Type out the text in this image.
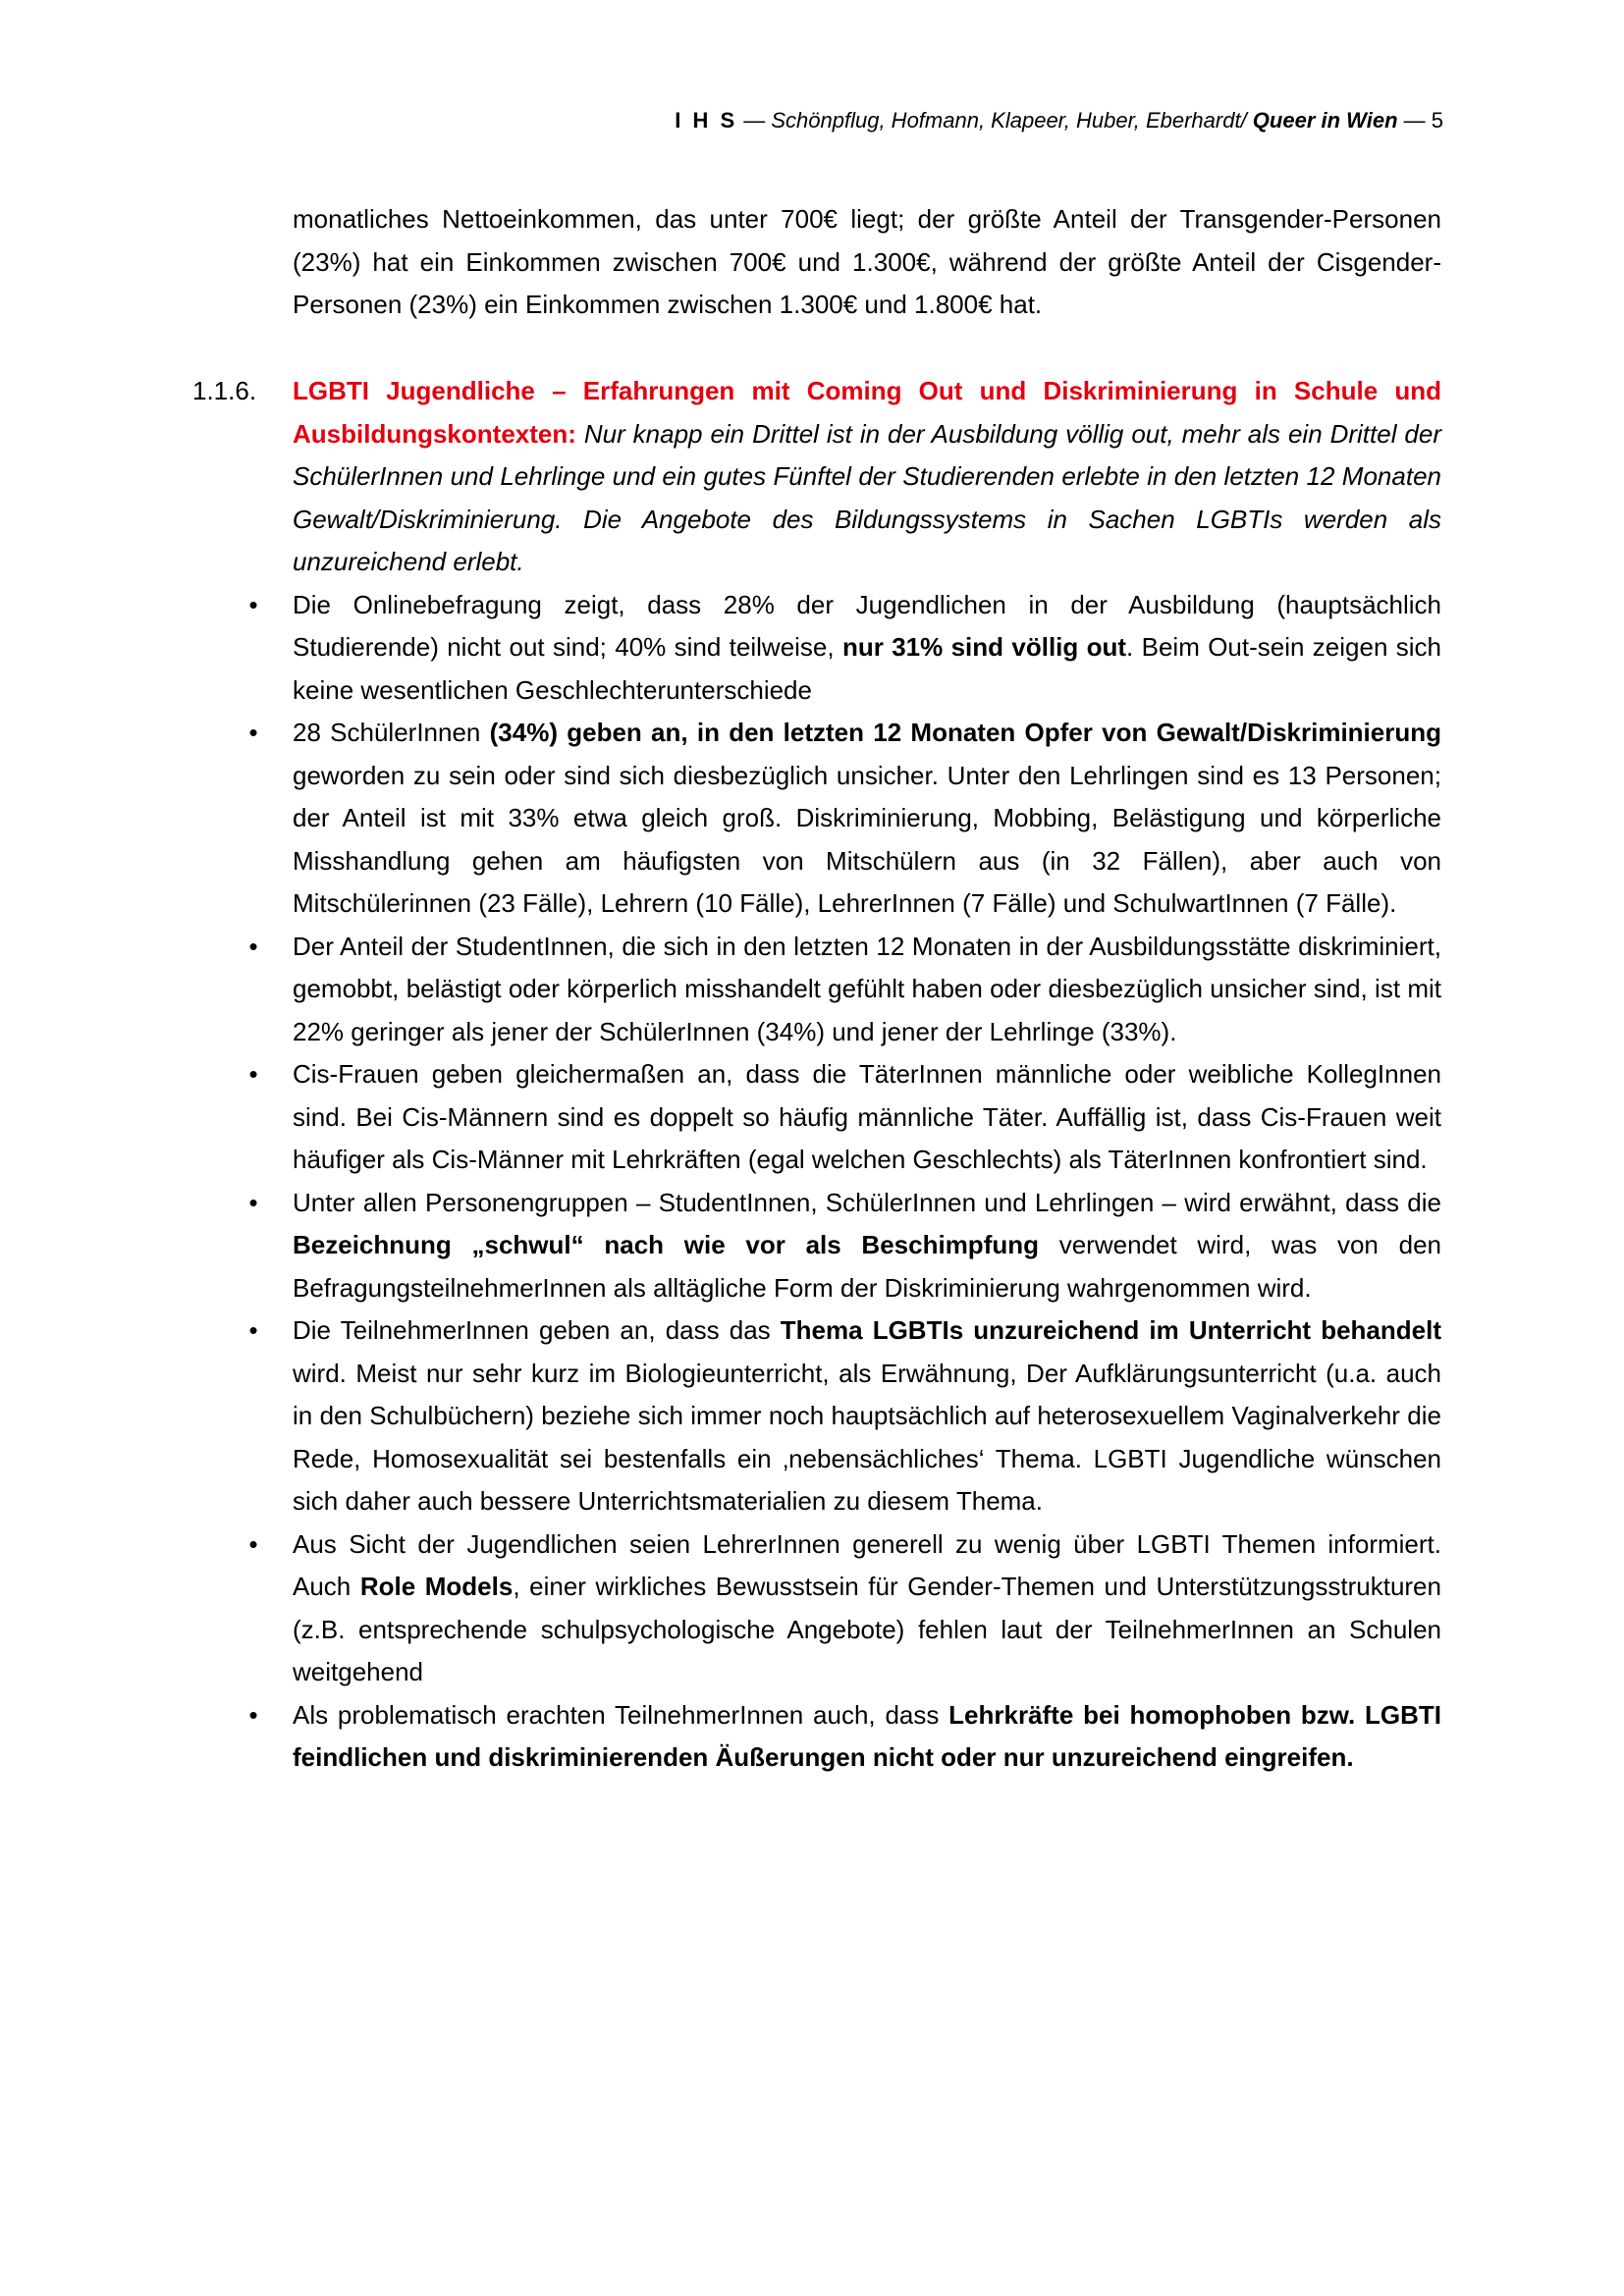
I H S — Schönpflug, Hofmann, Klapeer, Huber, Eberhardt/ Queer in Wien — 5
monatliches Nettoeinkommen, das unter 700€ liegt; der größte Anteil der Transgender-Personen (23%) hat ein Einkommen zwischen 700€ und 1.300€, während der größte Anteil der Cisgender-Personen (23%) ein Einkommen zwischen 1.300€ und 1.800€ hat.
1.1.6.	LGBTI Jugendliche – Erfahrungen mit Coming Out und Diskriminierung in Schule und Ausbildungskontexten: Nur knapp ein Drittel ist in der Ausbildung völlig out, mehr als ein Drittel der SchülerInnen und Lehrlinge und ein gutes Fünftel der Studierenden erlebte in den letzten 12 Monaten Gewalt/Diskriminierung. Die Angebote des Bildungssystems in Sachen LGBTIs werden als unzureichend erlebt.
• Die Onlinebefragung zeigt, dass 28% der Jugendlichen in der Ausbildung (hauptsächlich Studierende) nicht out sind; 40% sind teilweise, nur 31% sind völlig out. Beim Out-sein zeigen sich keine wesentlichen Geschlechterunterschiede
• 28 SchülerInnen (34%) geben an, in den letzten 12 Monaten Opfer von Gewalt/Diskriminierung geworden zu sein oder sind sich diesbezüglich unsicher. Unter den Lehrlingen sind es 13 Personen; der Anteil ist mit 33% etwa gleich groß. Diskriminierung, Mobbing, Belästigung und körperliche Misshandlung gehen am häufigsten von Mitschülern aus (in 32 Fällen), aber auch von Mitschülerinnen (23 Fälle), Lehrern (10 Fälle), LehrerInnen (7 Fälle) und SchulwartInnen (7 Fälle).
• Der Anteil der StudentInnen, die sich in den letzten 12 Monaten in der Ausbildungsstätte diskriminiert, gemobbt, belästigt oder körperlich misshandelt gefühlt haben oder diesbezüglich unsicher sind, ist mit 22% geringer als jener der SchülerInnen (34%) und jener der Lehrlinge (33%).
• Cis-Frauen geben gleichermaßen an, dass die TäterInnen männliche oder weibliche KollegInnen sind. Bei Cis-Männern sind es doppelt so häufig männliche Täter. Auffällig ist, dass Cis-Frauen weit häufiger als Cis-Männer mit Lehrkräften (egal welchen Geschlechts) als TäterInnen konfrontiert sind.
• Unter allen Personengruppen – StudentInnen, SchülerInnen und Lehrlingen – wird erwähnt, dass die Bezeichnung „schwul“ nach wie vor als Beschimpfung verwendet wird, was von den BefragungsteilnehmerInnen als alltägliche Form der Diskriminierung wahrgenommen wird.
• Die TeilnehmerInnen geben an, dass das Thema LGBTIs unzureichend im Unterricht behandelt wird. Meist nur sehr kurz im Biologieunterricht, als Erwähnung, Der Aufklärungsunterricht (u.a. auch in den Schulbüchern) beziehe sich immer noch hauptsächlich auf heterosexuellem Vaginalverkehr die Rede, Homosexualität sei bestenfalls ein ‚nebensächliches‘ Thema. LGBTI Jugendliche wünschen sich daher auch bessere Unterrichtsmaterialien zu diesem Thema.
• Aus Sicht der Jugendlichen seien LehrerInnen generell zu wenig über LGBTI Themen informiert. Auch Role Models, einer wirkliches Bewusstsein für Gender-Themen und Unterstützungsstrukturen (z.B. entsprechende schulpsychologische Angebote) fehlen laut der TeilnehmerInnen an Schulen weitgehend
• Als problematisch erachten TeilnehmerInnen auch, dass Lehrkräfte bei homophoben bzw. LGBTI feindlichen und diskriminierenden Äußerungen nicht oder nur unzureichend eingreifen.
